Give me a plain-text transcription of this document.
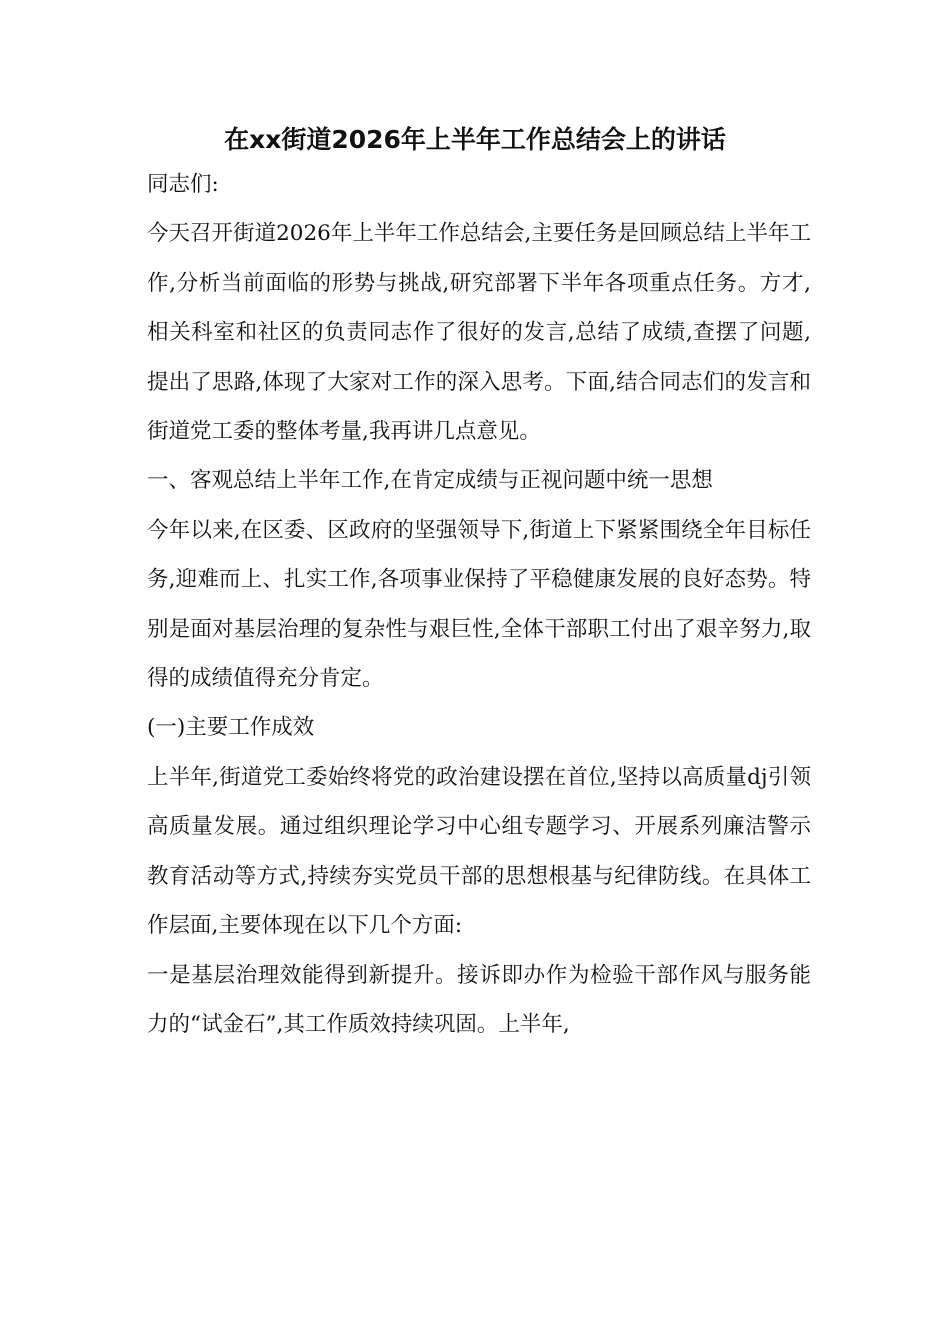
在xx街道2026年上半年工作总结会上的讲话

同志们:

今天召开街道2026年上半年工作总结会,主要任务是回顾总结上半年工作,分析当前面临的形势与挑战,研究部署下半年各项重点任务。方才,相关科室和社区的负责同志作了很好的发言,总结了成绩,查摆了问题,提出了思路,体现了大家对工作的深入思考。下面,结合同志们的发言和街道党工委的整体考量,我再讲几点意见。

一、客观总结上半年工作,在肯定成绩与正视问题中统一思想

今年以来,在区委、区政府的坚强领导下,街道上下紧紧围绕全年目标任务,迎难而上、扎实工作,各项事业保持了平稳健康发展的良好态势。特别是面对基层治理的复杂性与艰巨性,全体干部职工付出了艰辛努力,取得的成绩值得充分肯定。

(一)主要工作成效

上半年,街道党工委始终将党的政治建设摆在首位,坚持以高质量dj引领高质量发展。通过组织理论学习中心组专题学习、开展系列廉洁警示教育活动等方式,持续夯实党员干部的思想根基与纪律防线。在具体工作层面,主要体现在以下几个方面:

一是基层治理效能得到新提升。接诉即办作为检验干部作风与服务能力的“试金石”,其工作质效持续巩固。上半年,
